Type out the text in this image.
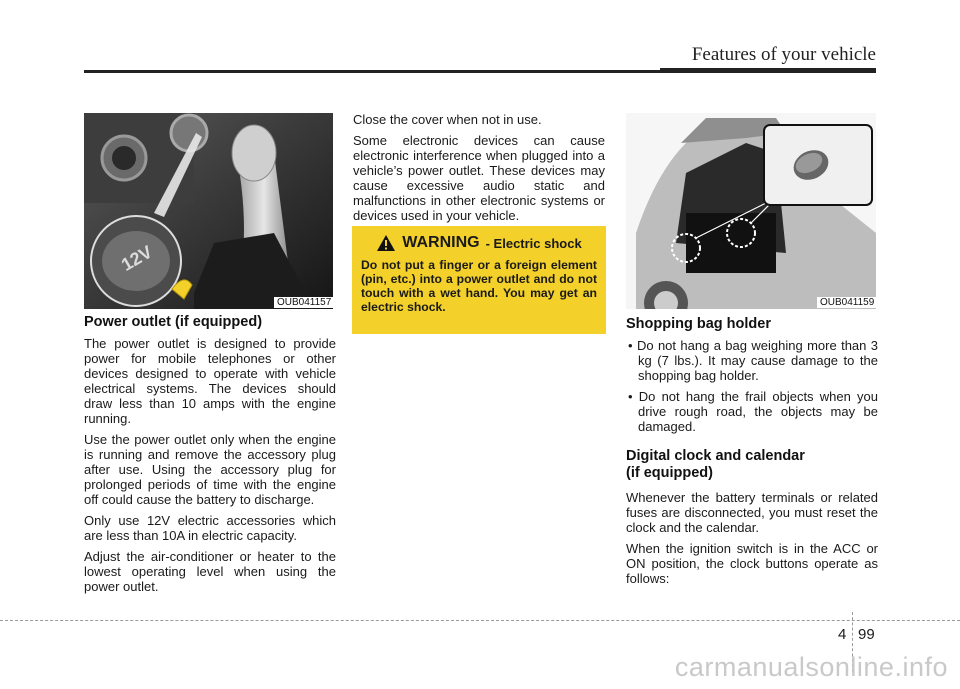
Features of your vehicle
12V
OUB041157
Power outlet (if equipped)

The power outlet is designed to provide power for mobile telephones or other devices designed to operate with vehicle electrical systems. The devices should draw less than 10 amps with the engine running.

Use the power outlet only when the engine is running and remove the accessory plug after use. Using the accessory plug for prolonged periods of time with the engine off could cause the battery to discharge.

Only use 12V electric accessories which are less than 10A in electric capacity.

Adjust the air-conditioner or heater to the lowest operating level when using the power outlet.

Close the cover when not in use.

Some electronic devices can cause electronic interference when plugged into a vehicle’s power outlet. These devices may cause excessive audio static and malfunctions in other electronic systems or devices used in your vehicle.

WARNING - Electric shock
Do not put a finger or a foreign element (pin, etc.) into a power outlet and do not touch with a wet hand. You may get an electric shock.	OUB041159
Shopping bag holder
• Do not hang a bag weighing more than 3 kg (7 lbs.). It may cause damage to the shopping bag holder.
• Do not hang the frail objects when you drive rough road, the objects may be damaged.
Digital clock and calendar
(if equipped)

Whenever the battery terminals or related fuses are disconnected, you must reset the clock and the calendar.

When the ignition switch is in the ACC or ON position, the clock buttons operate as follows:

4 99
carmanualsonline.info
